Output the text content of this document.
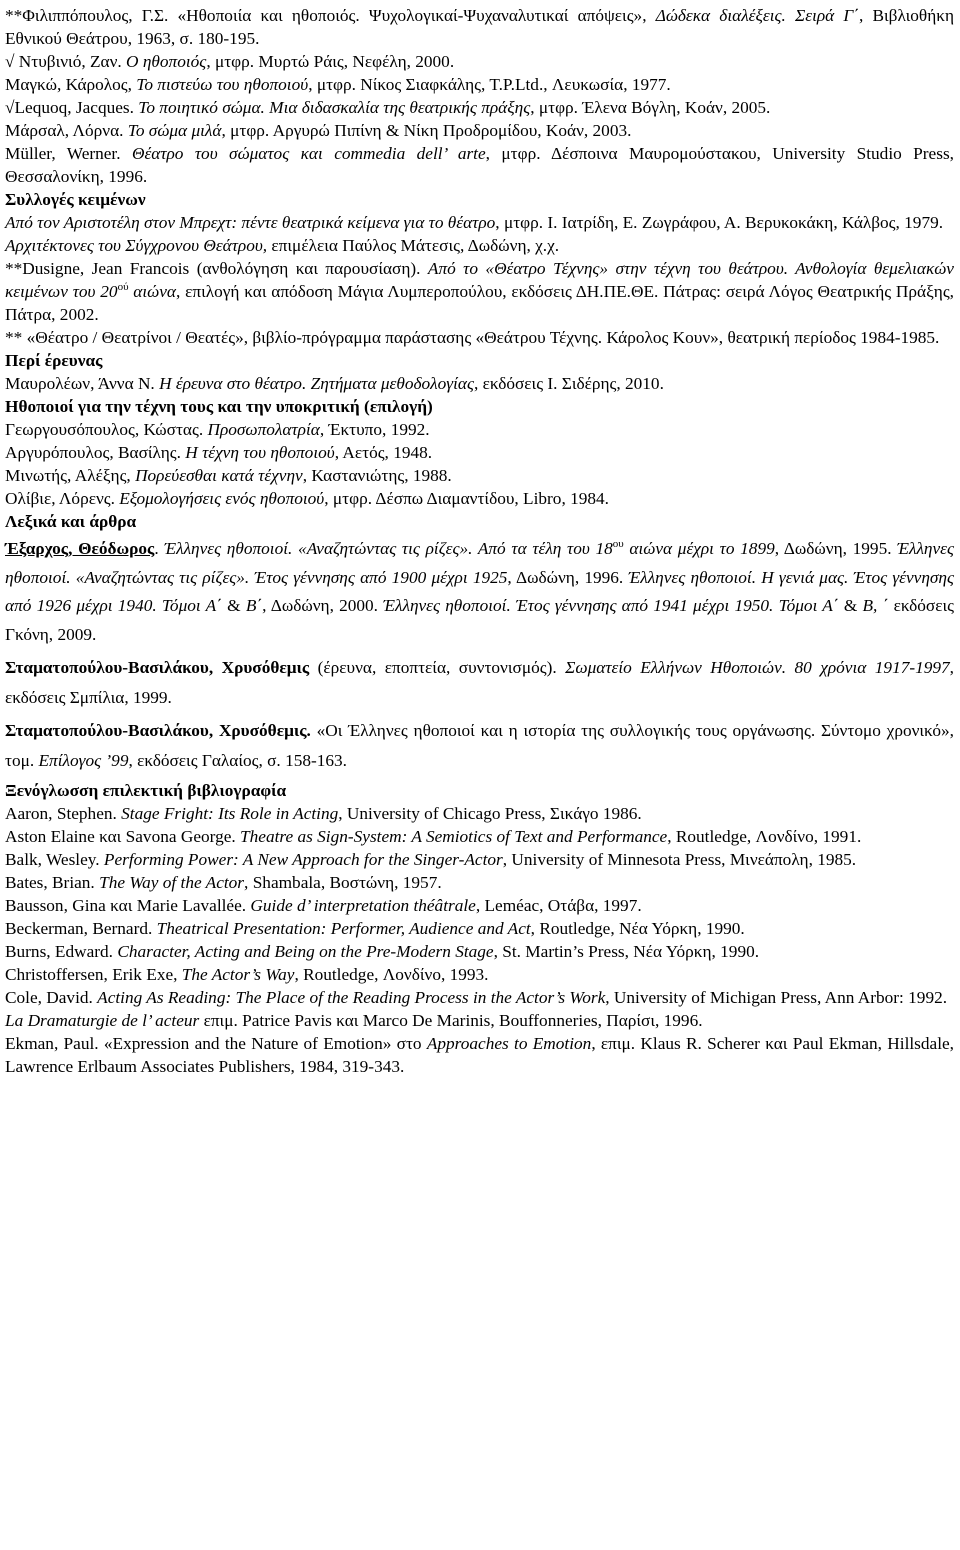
**Φιλιππόπουλος, Γ.Σ. «Ηθοποιία και ηθοποιός. Ψυχολογικαί-Ψυχαναλυτικαί απόψεις», Δώδεκα διαλέξεις. Σειρά Γ΄, Βιβλιοθήκη Εθνικού Θεάτρου, 1963, σ. 180-195.

√ Ντυβινιό, Ζαν. Ο ηθοποιός, μτφρ. Μυρτώ Ράις, Νεφέλη, 2000.

Μαγκώ, Κάρολος, Το πιστεύω του ηθοποιού, μτφρ. Νίκος Σιαφκάλης, Τ.Ρ.Ltd., Λευκωσία, 1977.

√Lequoq, Jacques. Το ποιητικό σώμα. Μια διδασκαλία της θεατρικής πράξης, μτφρ. Έλενα Βόγλη, Κοάν, 2005.

Μάρσαλ, Λόρνα. Το σώμα μιλά, μτφρ. Αργυρώ Πιπίνη & Νίκη Προδρομίδου, Κοάν, 2003.

Müller, Werner. Θέατρο του σώματος και commedia dell’ arte, μτφρ. Δέσποινα Μαυρομούστακου, University Studio Press, Θεσσαλονίκη, 1996.

Συλλογές κειμένων

Από τον Αριστοτέλη στον Μπρεχτ: πέντε θεατρικά κείμενα για το θέατρο, μτφρ. Ι. Ιατρίδη, Ε. Ζωγράφου, Α. Βερυκοκάκη, Κάλβος, 1979.

Αρχιτέκτονες του Σύγχρονου Θεάτρου, επιμέλεια Παύλος Μάτεσις, Δωδώνη, χ.χ.

**Dusigne, Jean Francois (ανθολόγηση και παρουσίαση). Από το «Θέατρο Τέχνης» στην τέχνη του θεάτρου. Ανθολογία θεμελιακών κειμένων του $20^{oύ}$ αιώνα, επιλογή και απόδοση Μάγια Λυμπεροπούλου, εκδόσεις ΔΗ.ΠΕ.ΘΕ. Πάτρας: σειρά Λόγος Θεατρικής Πράξης, Πάτρα, 2002.

** «Θέατρο / Θεατρίνοι / Θεατές», βιβλίο-πρόγραμμα παράστασης «Θεάτρου Τέχνης. Κάρολος Κουν», θεατρική περίοδος 1984-1985.

Περί έρευνας

Μαυρολέων, Άννα Ν. Η έρευνα στο θέατρο. Ζητήματα μεθοδολογίας, εκδόσεις Ι. Σιδέρης, 2010.

Ηθοποιοί για την τέχνη τους και την υποκριτική (επιλογή)

Γεωργουσόπουλος, Κώστας. Προσωπολατρία, Έκτυπο, 1992.

Αργυρόπουλος, Βασίλης. Η τέχνη του ηθοποιού, Αετός, 1948.

Μινωτής, Αλέξης, Πορεύεσθαι κατά τέχνην, Καστανιώτης, 1988.

Ολίβιε, Λόρενς. Εξομολογήσεις ενός ηθοποιού, μτφρ. Δέσπω Διαμαντίδου, Libro, 1984.

Λεξικά και άρθρα

Έξαρχος, Θεόδωρος. Έλληνες ηθοποιοί. «Αναζητώντας τις ρίζες». Από τα τέλη του $18^{o\upsilon}$ αιώνα μέχρι το 1899, Δωδώνη, 1995. Έλληνες ηθοποιοί. «Αναζητώντας τις ρίζες». Έτος γέννησης από 1900 μέχρι 1925, Δωδώνη, 1996. Έλληνες ηθοποιοί. Η γενιά μας. Έτος γέννησης από 1926 μέχρι 1940. Τόμοι Α΄ & Β΄, Δωδώνη, 2000. Έλληνες ηθοποιοί. Έτος γέννησης από 1941 μέχρι 1950. Τόμοι Α΄ & Β, ΄ εκδόσεις Γκόνη, 2009.

Σταματοπούλου-Βασιλάκου, Χρυσόθεμις (έρευνα, εποπτεία, συντονισμός). Σωματείο Ελλήνων Ηθοποιών. 80 χρόνια 1917-1997, εκδόσεις Σμπίλια, 1999.

Σταματοπούλου-Βασιλάκου, Χρυσόθεμις. «Οι Έλληνες ηθοποιοί και η ιστορία της συλλογικής τους οργάνωσης. Σύντομο χρονικό», τομ. Επίλογος ’99, εκδόσεις Γαλαίος, σ. 158-163.

Ξενόγλωσση επιλεκτική βιβλιογραφία

Aaron, Stephen. Stage Fright: Its Role in Acting, University of Chicago Press, Σικάγο 1986.

Aston Elaine και Savona George. Theatre as Sign-System: A Semiotics of Text and Performance, Routledge, Λονδίνο, 1991.

Balk, Wesley. Performing Power: A New Approach for the Singer-Actor, University of Minnesota Press, Μινεάπολη, 1985.

Bates, Brian. The Way of the Actor, Shambala, Βοστώνη, 1957.

Bausson, Gina και Marie Lavallée. Guide d’ interpretation théâtrale, Leméac, Οτάβα, 1997.

Beckerman, Bernard. Theatrical Presentation: Performer, Audience and Act, Routledge, Νέα Υόρκη, 1990.

Burns, Edward. Character, Acting and Being on the Pre-Modern Stage, St. Martin’s Press, Νέα Υόρκη, 1990.

Christoffersen, Erik Exe, The Actor’s Way, Routledge, Λονδίνο, 1993.

Cole, David. Acting As Reading: The Place of the Reading Process in the Actor’s Work, University of Michigan Press, Ann Arbor: 1992.

La Dramaturgie de l’ acteur επιμ. Patrice Pavis και Marco De Marinis, Bouffonneries, Παρίσι, 1996.

Ekman, Paul. «Expression and the Nature of Emotion» στο Approaches to Emotion, επιμ. Klaus R. Scherer και Paul Ekman, Hillsdale, Lawrence Erlbaum Associates Publishers, 1984, 319-343.
